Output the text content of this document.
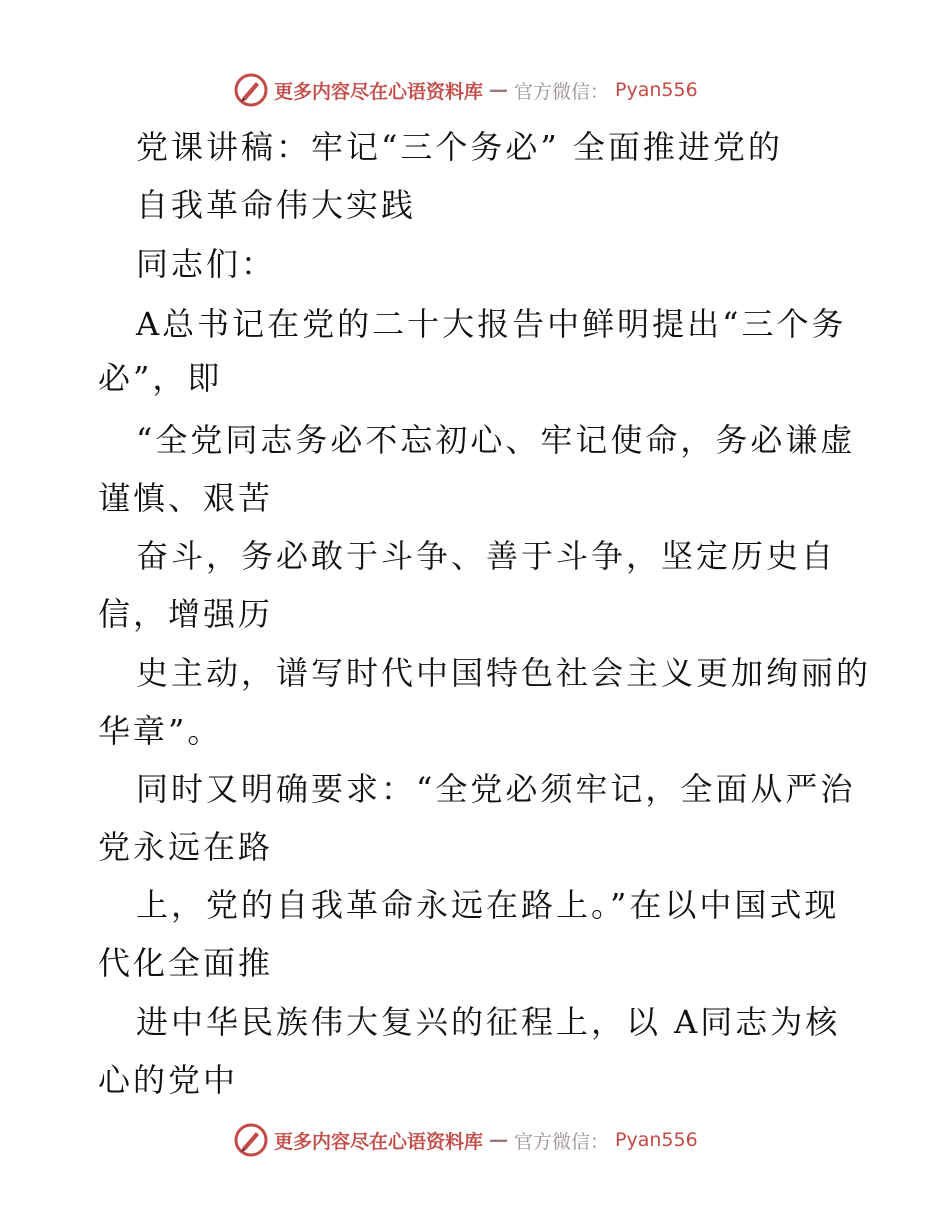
更多内容尽在心语资料库 — 官方微信： Pyan556

党课讲稿：牢记“三个务必” 全面推进党的

自我革命伟大实践

同志们：

A总书记在党的二十大报告中鲜明提出“三个务

必”，即

“全党同志务必不忘初心、牢记使命，务必谦虚

谨慎、艰苦

奋斗，务必敢于斗争、善于斗争，坚定历史自

信，增强历

史主动，谱写时代中国特色社会主义更加绚丽的

华章”。

同时又明确要求：“全党必须牢记，全面从严治

党永远在路

上，党的自我革命永远在路上。”在以中国式现

代化全面推

进中华民族伟大复兴的征程上，以 A同志为核

心的党中

更多内容尽在心语资料库 — 官方微信： Pyan556
